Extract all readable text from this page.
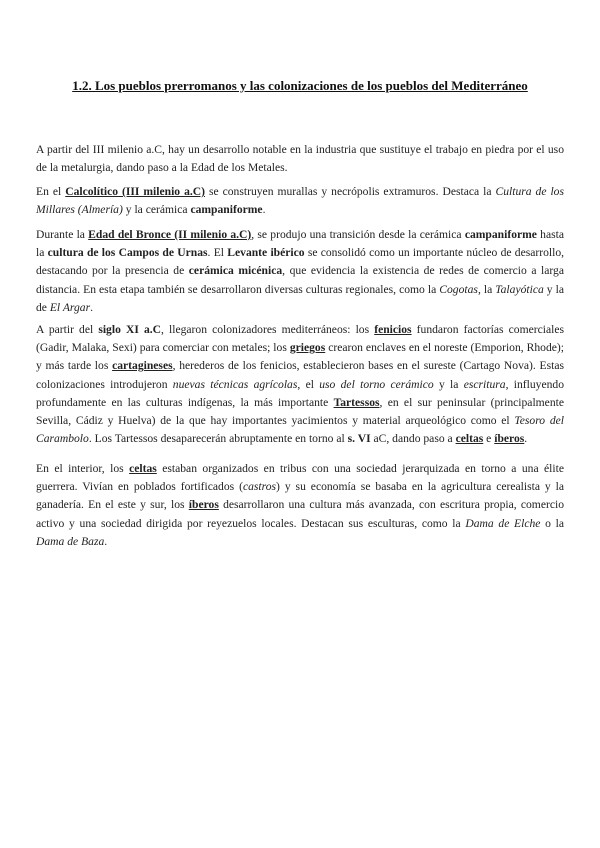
1.2. Los pueblos prerromanos y las colonizaciones de los pueblos del Mediterráneo

A partir del III milenio a.C, hay un desarrollo notable en la industria que sustituye el trabajo en piedra por el uso de la metalurgia, dando paso a la Edad de los Metales.

En el Calcolítico (III milenio a.C) se construyen murallas y necrópolis extramuros. Destaca la Cultura de los Millares (Almería) y la cerámica campaniforme.

Durante la Edad del Bronce (II milenio a.C), se produjo una transición desde la cerámica campaniforme hasta la cultura de los Campos de Urnas. El Levante ibérico se consolidó como un importante núcleo de desarrollo, destacando por la presencia de cerámica micénica, que evidencia la existencia de redes de comercio a larga distancia. En esta etapa también se desarrollaron diversas culturas regionales, como la Cogotas, la Talayótica y la de El Argar.

A partir del siglo XI a.C, llegaron colonizadores mediterráneos: los fenicios fundaron factorías comerciales (Gadir, Malaka, Sexi) para comerciar con metales; los griegos crearon enclaves en el noreste (Emporion, Rhode); y más tarde los cartagineses, herederos de los fenicios, establecieron bases en el sureste (Cartago Nova). Estas colonizaciones introdujeron nuevas técnicas agrícolas, el uso del torno cerámico y la escritura, influyendo profundamente en las culturas indígenas, la más importante Tartessos, en el sur peninsular (principalmente Sevilla, Cádiz y Huelva) de la que hay importantes yacimientos y material arqueológico como el Tesoro del Carambolo. Los Tartessos desaparecerán abruptamente en torno al s. VI aC, dando paso a celtas e íberos.

En el interior, los celtas estaban organizados en tribus con una sociedad jerarquizada en torno a una élite guerrera. Vivían en poblados fortificados (castros) y su economía se basaba en la agricultura cerealista y la ganadería. En el este y sur, los íberos desarrollaron una cultura más avanzada, con escritura propia, comercio activo y una sociedad dirigida por reyezuelos locales. Destacan sus esculturas, como la Dama de Elche o la Dama de Baza.
